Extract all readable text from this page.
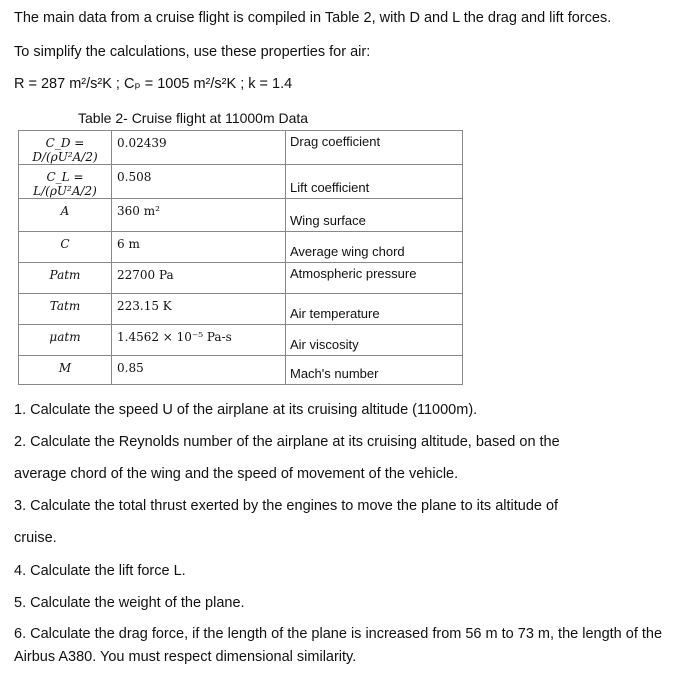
The main data from a cruise flight is compiled in Table 2, with D and L the drag and lift forces.
To simplify the calculations, use these properties for air:
R = 287 m²/s²K ; Cₚ = 1005 m²/s²K ; k = 1.4
Table 2- Cruise flight at 11000m Data
C_D = D/(ρU²A/2)	0.02439	Drag coefficient
C_L = L/(ρU²A/2)	0.508	Lift coefficient
A	360 m²	Wing surface
C	6 m	Average wing chord
Patm	22700 Pa	Atmospheric pressure
Tatm	223.15 K	Air temperature
μatm	1.4562 × 10⁻⁵ Pa-s	Air viscosity
M	0.85	Mach's number
1. Calculate the speed U of the airplane at its cruising altitude (11000m).
2. Calculate the Reynolds number of the airplane at its cruising altitude, based on the
average chord of the wing and the speed of movement of the vehicle.
3. Calculate the total thrust exerted by the engines to move the plane to its altitude of
cruise.
4. Calculate the lift force L.
5. Calculate the weight of the plane.
6. Calculate the drag force, if the length of the plane is increased from 56 m to 73 m, the length of the
Airbus A380. You must respect dimensional similarity.
